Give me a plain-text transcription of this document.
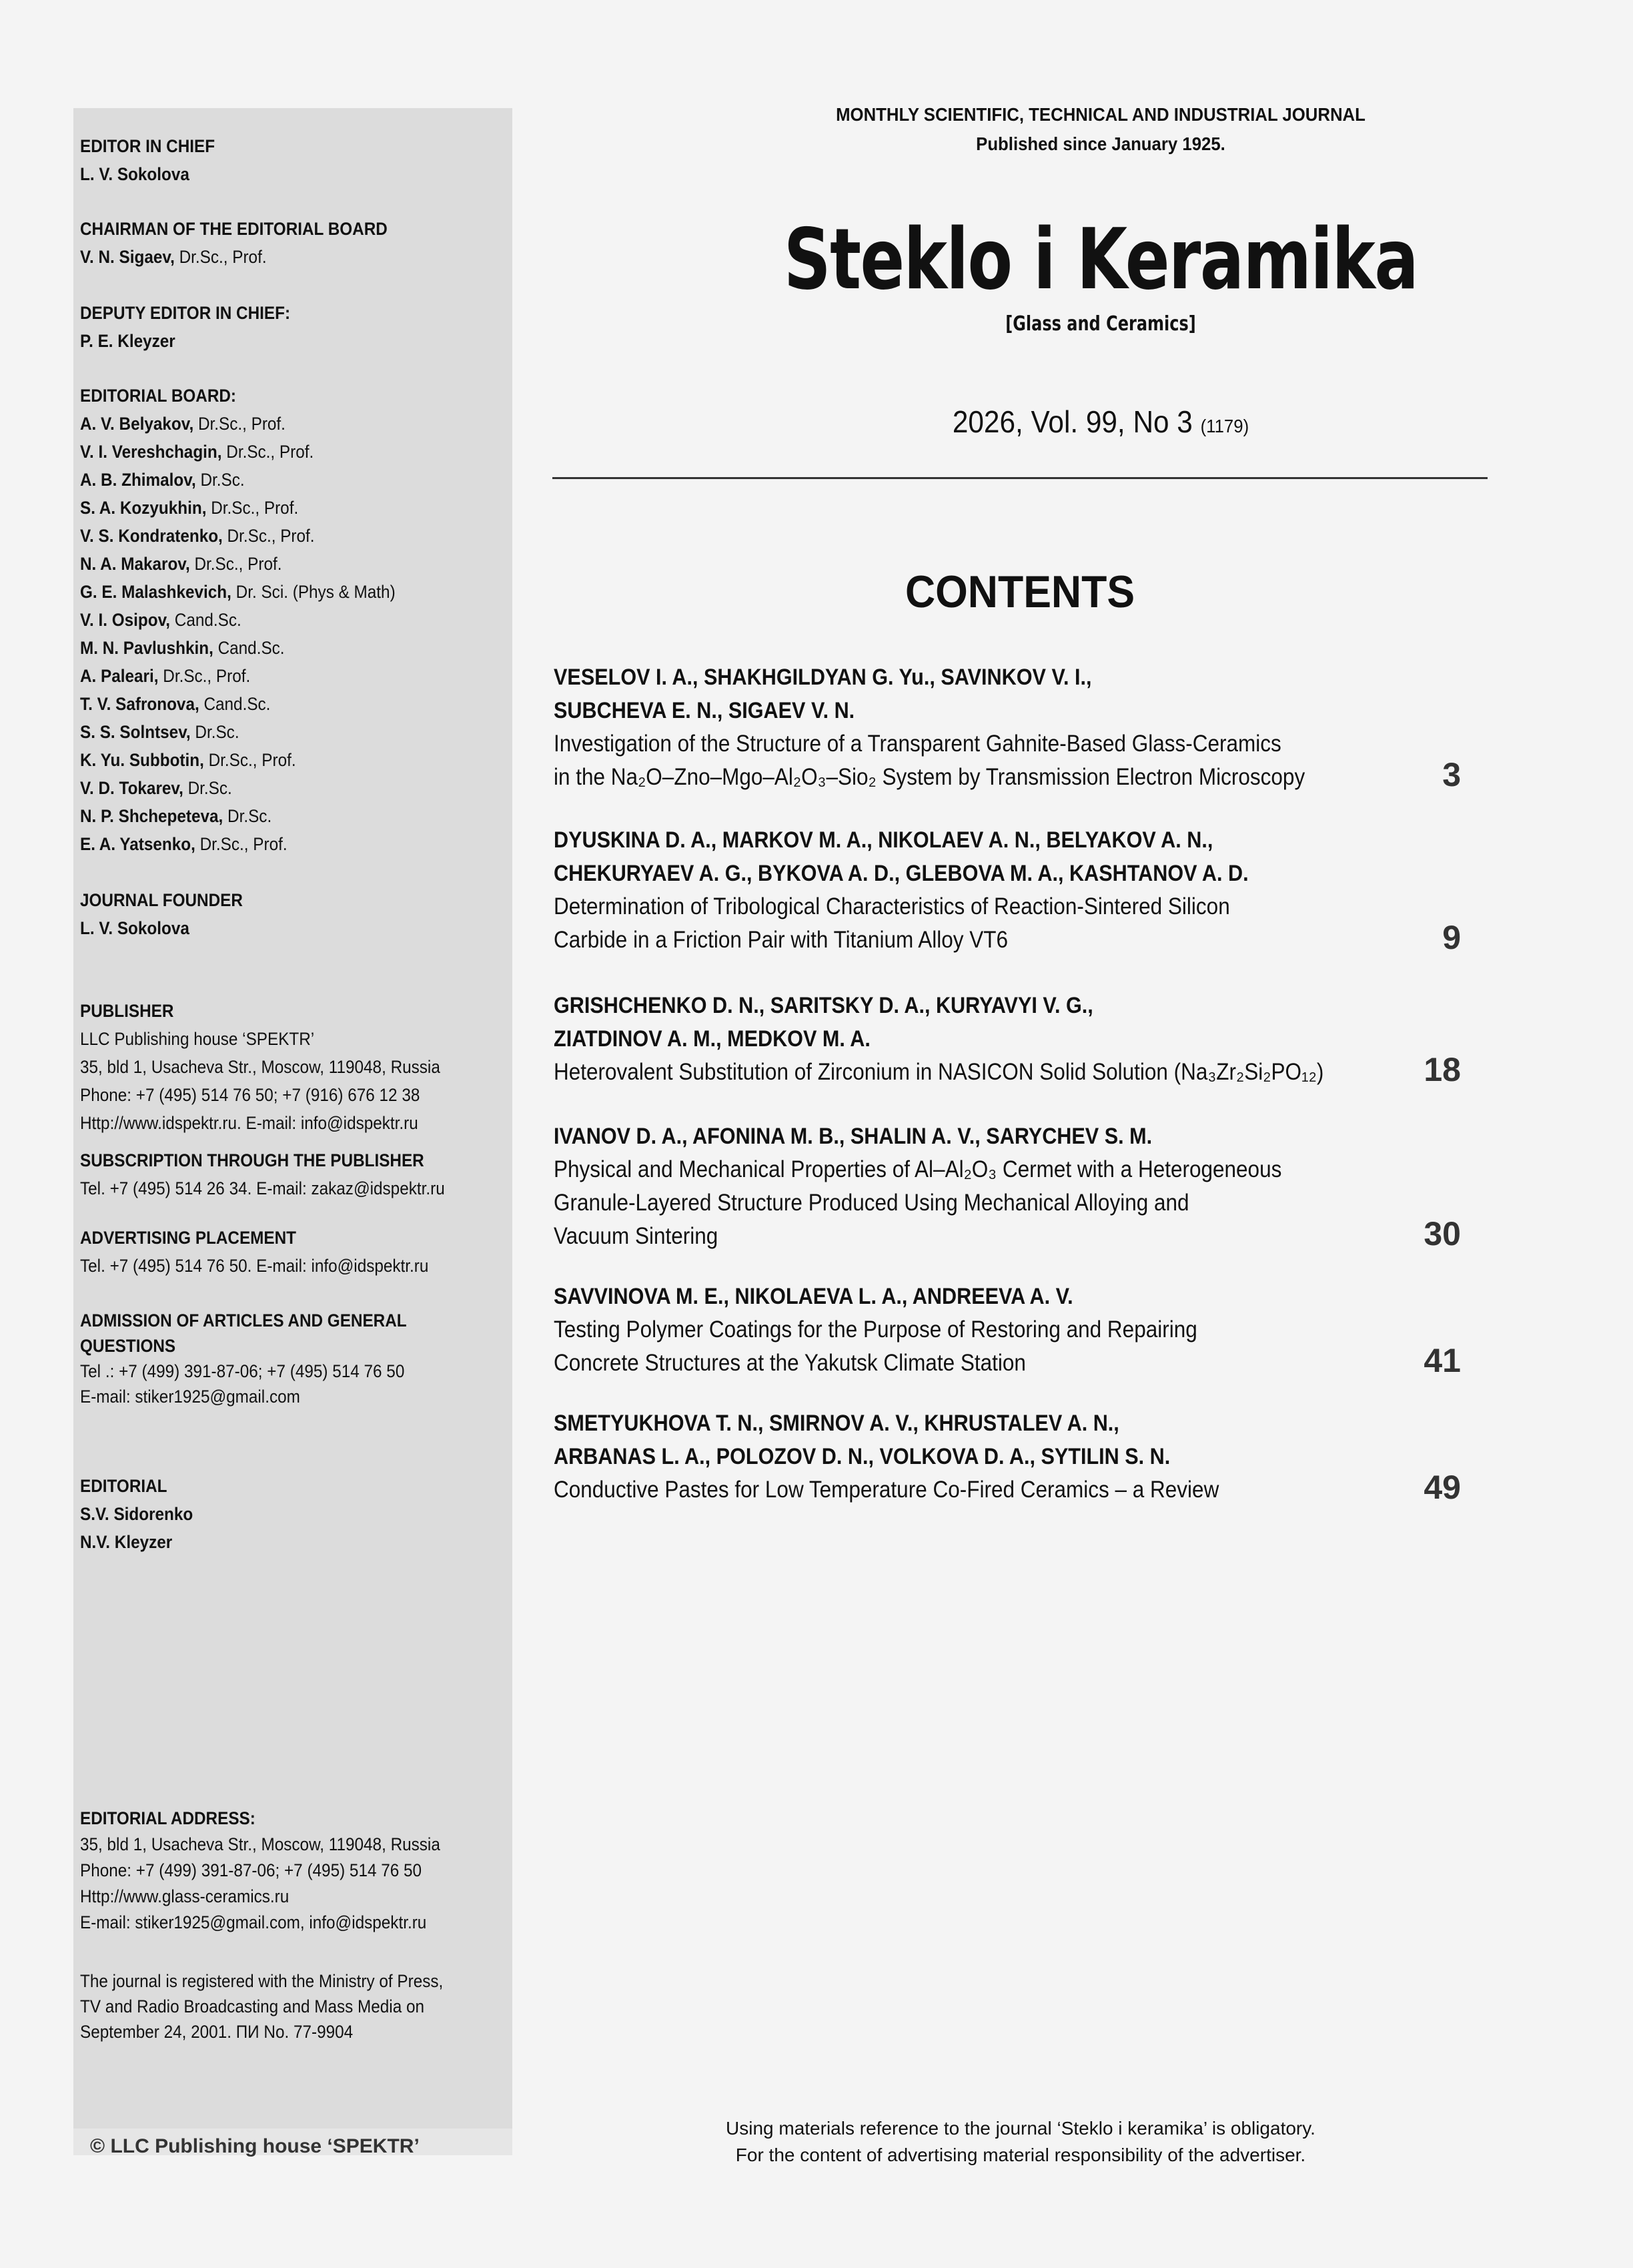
EDITOR IN CHIEF
L. V. Sokolova
CHAIRMAN OF THE EDITORIAL BOARD
V. N. Sigaev, Dr.Sc., Prof.
DEPUTY EDITOR IN CHIEF:
P. E. Kleyzer
EDITORIAL BOARD:
A. V. Belyakov, Dr.Sc., Prof.
V. I. Vereshchagin, Dr.Sc., Prof.
A. B. Zhimalov, Dr.Sc.
S. A. Kozyukhin, Dr.Sc., Prof.
V. S. Kondratenko, Dr.Sc., Prof.
N. A. Makarov, Dr.Sc., Prof.
G. E. Malashkevich, Dr. Sci. (Phys & Math)
V. I. Osipov, Cand.Sc.
M. N. Pavlushkin, Cand.Sc.
A. Paleari, Dr.Sc., Prof.
T. V. Safronova, Cand.Sc.
S. S. Solntsev, Dr.Sc.
K. Yu. Subbotin, Dr.Sc., Prof.
V. D. Tokarev, Dr.Sc.
N. P. Shchepeteva, Dr.Sc.
E. A. Yatsenko, Dr.Sc., Prof.
JOURNAL FOUNDER
L. V. Sokolova
PUBLISHER
LLC Publishing house ‘SPEKTR’
35, bld 1, Usacheva Str., Moscow, 119048, Russia
Phone: +7 (495) 514 76 50; +7 (916) 676 12 38
Http://www.idspektr.ru. E-mail: info@idspektr.ru
SUBSCRIPTION THROUGH THE PUBLISHER
Tel. +7 (495) 514 26 34. E-mail: zakaz@idspektr.ru
ADVERTISING PLACEMENT
Tel. +7 (495) 514 76 50. E-mail: info@idspektr.ru
ADMISSION OF ARTICLES AND GENERAL
QUESTIONS
Tel .: +7 (499) 391-87-06; +7 (495) 514 76 50
E-mail: stiker1925@gmail.com
EDITORIAL
S.V. Sidorenko
N.V. Kleyzer
EDITORIAL ADDRESS:
35, bld 1, Usacheva Str., Moscow, 119048, Russia
Phone: +7 (499) 391-87-06; +7 (495) 514 76 50
Http://www.glass-ceramics.ru
E-mail: stiker1925@gmail.com, info@idspektr.ru
The journal is registered with the Ministry of Press,
TV and Radio Broadcasting and Mass Media on
September 24, 2001. ПИ No. 77-9904
© LLC Publishing house ‘SPEKTR’
MONTHLY SCIENTIFIC, TECHNICAL AND INDUSTRIAL JOURNAL
Published since January 1925.
Steklo i Keramika
[Glass and Ceramics]
2026, Vol. 99, No 3 (1179)
CONTENTS
VESELOV I. A., SHAKHGILDYAN G. Yu., SAVINKOV V. I.,
SUBCHEVA E. N., SIGAEV V. N.
Investigation of the Structure of a Transparent Gahnite-Based Glass-Ceramics
in the Na₂O–Zno–Mgo–Al₂O₃–Sio₂ System by Transmission Electron Microscopy	3
DYUSKINA D. A., MARKOV M. A., NIKOLAEV A. N., BELYAKOV A. N.,
CHEKURYAEV A. G., BYKOVA A. D., GLEBOVA M. A., KASHTANOV A. D.
Determination of Tribological Characteristics of Reaction-Sintered Silicon
Carbide in a Friction Pair with Titanium Alloy VT6	9
GRISHCHENKO D. N., SARITSKY D. A., KURYAVYI V. G.,
ZIATDINOV A. M., MEDKOV M. A.
Heterovalent Substitution of Zirconium in NASICON Solid Solution (Na₃Zr₂Si₂PO₁₂)	18
IVANOV D. A., AFONINA M. B., SHALIN A. V., SARYCHEV S. M.
Physical and Mechanical Properties of Al–Al₂O₃ Cermet with a Heterogeneous
Granule-Layered Structure Produced Using Mechanical Alloying and
Vacuum Sintering	30
SAVVINOVA M. E., NIKOLAEVA L. A., ANDREEVA A. V.
Testing Polymer Coatings for the Purpose of Restoring and Repairing
Concrete Structures at the Yakutsk Climate Station	41
SMETYUKHOVA T. N., SMIRNOV A. V., KHRUSTALEV A. N.,
ARBANAS L. A., POLOZOV D. N., VOLKOVA D. A., SYTILIN S. N.
Conductive Pastes for Low Temperature Co-Fired Ceramics – a Review	49
Using materials reference to the journal ‘Steklo i keramika’ is obligatory.
For the content of advertising material responsibility of the advertiser.
